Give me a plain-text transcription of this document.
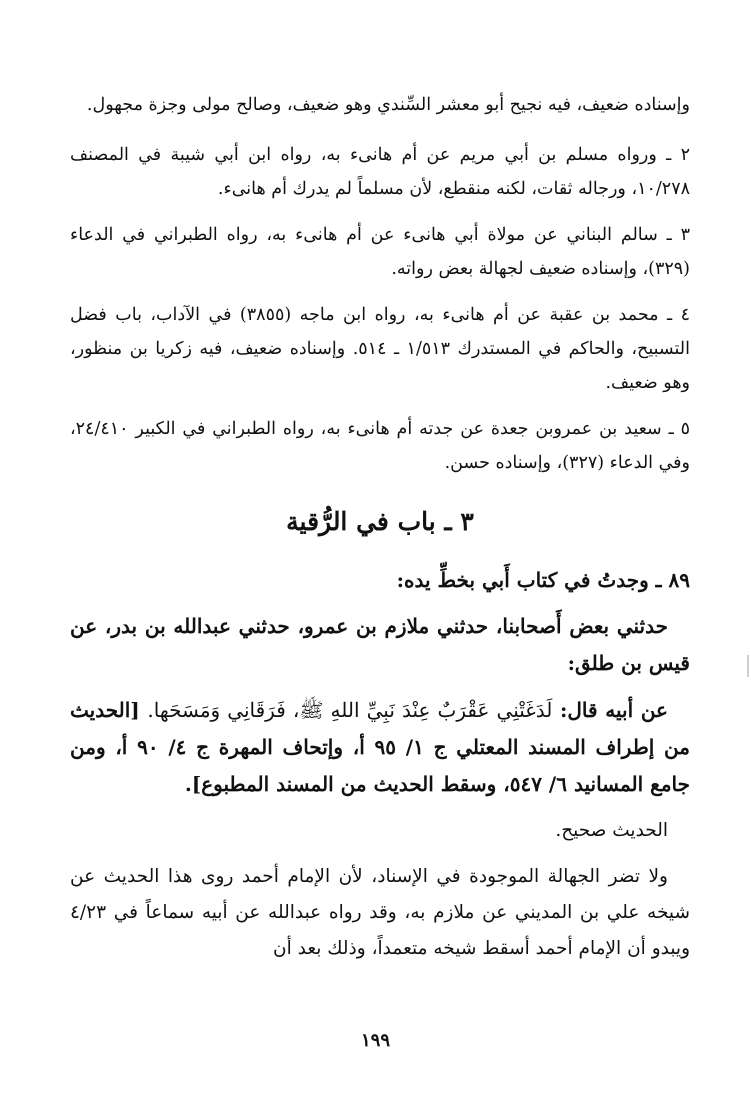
وإسناده ضعيف، فيه نجيح أبو معشر السِّندي وهو ضعيف، وصالح مولى وجزة مجهول.

٢ ـ ورواه مسلم بن أبي مريم عن أم هانىء به، رواه ابن أبي شيبة في المصنف ١٠/٢٧٨، ورجاله ثقات، لكنه منقطع، لأن مسلماً لم يدرك أم هانىء.

٣ ـ سالم البناني عن مولاة أبي هانىء عن أم هانىء به، رواه الطبراني في الدعاء (٣٢٩)، وإسناده ضعيف لجهالة بعض رواته.

٤ ـ محمد بن عقبة عن أم هانىء به، رواه ابن ماجه (٣٨٥٥) في الآداب، باب فضل التسبيح، والحاكم في المستدرك ١/٥١٣ ـ ٥١٤. وإسناده ضعيف، فيه زكريا بن منظور، وهو ضعيف.

٥ ـ سعيد بن عمروبن جعدة عن جدته أم هانىء به، رواه الطبراني في الكبير ٢٤/٤١٠، وفي الدعاء (٣٢٧)، وإسناده حسن.

٣ ـ باب في الرُّقية
٨٩ ـ وجدتُ في كتاب أَبي بخطِّ يده:

حدثني بعض أَصحابنا، حدثني ملازم بن عمرو، حدثني عبدالله بن بدر، عن قيس بن طلق:

عن أبيه قال: لَدَغَتْنِي عَقْرَبٌ عِنْدَ نَبِيِّ اللهِ ﷺ، فَرَقَانِي وَمَسَحَها. [الحديث من إطراف المسند المعتلي ج ١/ ٩٥ أ، وإتحاف المهرة ج ٤/ ٩٠ أ، ومن جامع المسانيد ٦/ ٥٤٧، وسقط الحديث من المسند المطبوع].

الحديث صحيح.

ولا تضر الجهالة الموجودة في الإسناد، لأن الإمام أحمد روى هذا الحديث عن شيخه علي بن المديني عن ملازم به، وقد رواه عبدالله عن أبيه سماعاً في ٤/٢٣ ويبدو أن الإمام أحمد أسقط شيخه متعمداً، وذلك بعد أن

١٩٩
